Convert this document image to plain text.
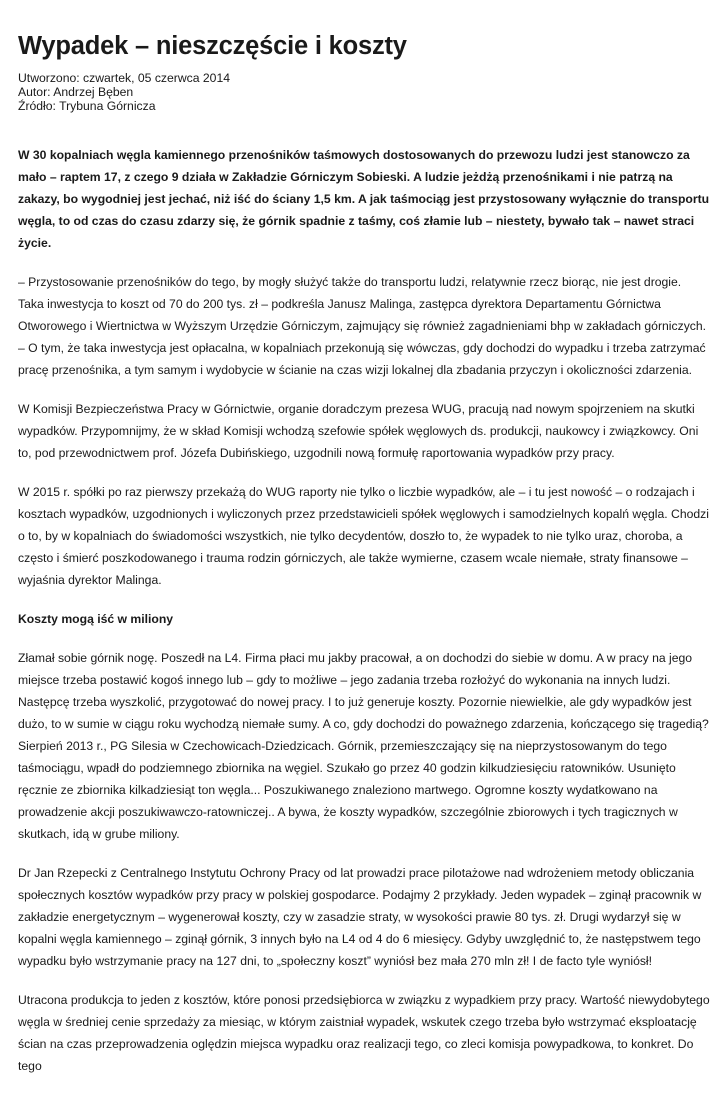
Wypadek – nieszczęście i koszty
Utworzono: czwartek, 05 czerwca 2014
Autor: Andrzej Bęben
Źródło: Trybuna Górnicza

W 30 kopalniach węgla kamiennego przenośników taśmowych dostosowanych do przewozu ludzi jest stanowczo za mało – raptem 17, z czego 9 działa w Zakładzie Górniczym Sobieski. A ludzie jeżdżą przenośnikami i nie patrzą na zakazy, bo wygodniej jest jechać, niż iść do ściany 1,5 km. A jak taśmociąg jest przystosowany wyłącznie do transportu węgla, to od czas do czasu zdarzy się, że górnik spadnie z taśmy, coś złamie lub – niestety, bywało tak – nawet straci życie.

– Przystosowanie przenośników do tego, by mogły służyć także do transportu ludzi, relatywnie rzecz biorąc, nie jest drogie. Taka inwestycja to koszt od 70 do 200 tys. zł – podkreśla Janusz Malinga, zastępca dyrektora Departamentu Górnictwa Otworowego i Wiertnictwa w Wyższym Urzędzie Górniczym, zajmujący się również zagadnieniami bhp w zakładach górniczych. – O tym, że taka inwestycja jest opłacalna, w kopalniach przekonują się wówczas, gdy dochodzi do wypadku i trzeba zatrzymać pracę przenośnika, a tym samym i wydobycie w ścianie na czas wizji lokalnej dla zbadania przyczyn i okoliczności zdarzenia.

W Komisji Bezpieczeństwa Pracy w Górnictwie, organie doradczym prezesa WUG, pracują nad nowym spojrzeniem na skutki wypadków. Przypomnijmy, że w skład Komisji wchodzą szefowie spółek węglowych ds. produkcji, naukowcy i związkowcy. Oni to, pod przewodnictwem prof. Józefa Dubińskiego, uzgodnili nową formułę raportowania wypadków przy pracy.

W 2015 r. spółki po raz pierwszy przekażą do WUG raporty nie tylko o liczbie wypadków, ale – i tu jest nowość – o rodzajach i kosztach wypadków, uzgodnionych i wyliczonych przez przedstawicieli spółek węglowych i samodzielnych kopalń węgla. Chodzi o to, by w kopalniach do świadomości wszystkich, nie tylko decydentów, doszło to, że wypadek to nie tylko uraz, choroba, a często i śmierć poszkodowanego i trauma rodzin górniczych, ale także wymierne, czasem wcale niemałe, straty finansowe – wyjaśnia dyrektor Malinga.

Koszty mogą iść w miliony

Złamał sobie górnik nogę. Poszedł na L4. Firma płaci mu jakby pracował, a on dochodzi do siebie w domu. A w pracy na jego miejsce trzeba postawić kogoś innego lub – gdy to możliwe – jego zadania trzeba rozłożyć do wykonania na innych ludzi. Następcę trzeba wyszkolić, przygotować do nowej pracy. I to już generuje koszty. Pozornie niewielkie, ale gdy wypadków jest dużo, to w sumie w ciągu roku wychodzą niemałe sumy. A co, gdy dochodzi do poważnego zdarzenia, kończącego się tragedią? Sierpień 2013 r., PG Silesia w Czechowicach-Dziedzicach. Górnik, przemieszczający się na nieprzystosowanym do tego taśmociągu, wpadł do podziemnego zbiornika na węgiel. Szukało go przez 40 godzin kilkudziesięciu ratowników. Usunięto ręcznie ze zbiornika kilkadziesiąt ton węgla... Poszukiwanego znaleziono martwego. Ogromne koszty wydatkowano na prowadzenie akcji poszukiwawczo-ratowniczej.. A bywa, że koszty wypadków, szczególnie zbiorowych i tych tragicznych w skutkach, idą w grube miliony.

Dr Jan Rzepecki z Centralnego Instytutu Ochrony Pracy od lat prowadzi prace pilotażowe nad wdrożeniem metody obliczania społecznych kosztów wypadków przy pracy w polskiej gospodarce. Podajmy 2 przykłady. Jeden wypadek – zginął pracownik w zakładzie energetycznym – wygenerował koszty, czy w zasadzie straty, w wysokości prawie 80 tys. zł. Drugi wydarzył się w kopalni węgla kamiennego – zginął górnik, 3 innych było na L4 od 4 do 6 miesięcy. Gdyby uwzględnić to, że następstwem tego wypadku było wstrzymanie pracy na 127 dni, to „społeczny koszt” wyniósł bez mała 270 mln zł! I de facto tyle wyniósł!

Utracona produkcja to jeden z kosztów, które ponosi przedsiębiorca w związku z wypadkiem przy pracy. Wartość niewydobytego węgla w średniej cenie sprzedaży za miesiąc, w którym zaistniał wypadek, wskutek czego trzeba było wstrzymać eksploatację ścian na czas przeprowadzenia oględzin miejsca wypadku oraz realizacji tego, co zleci komisja powypadkowa, to konkret. Do tego
